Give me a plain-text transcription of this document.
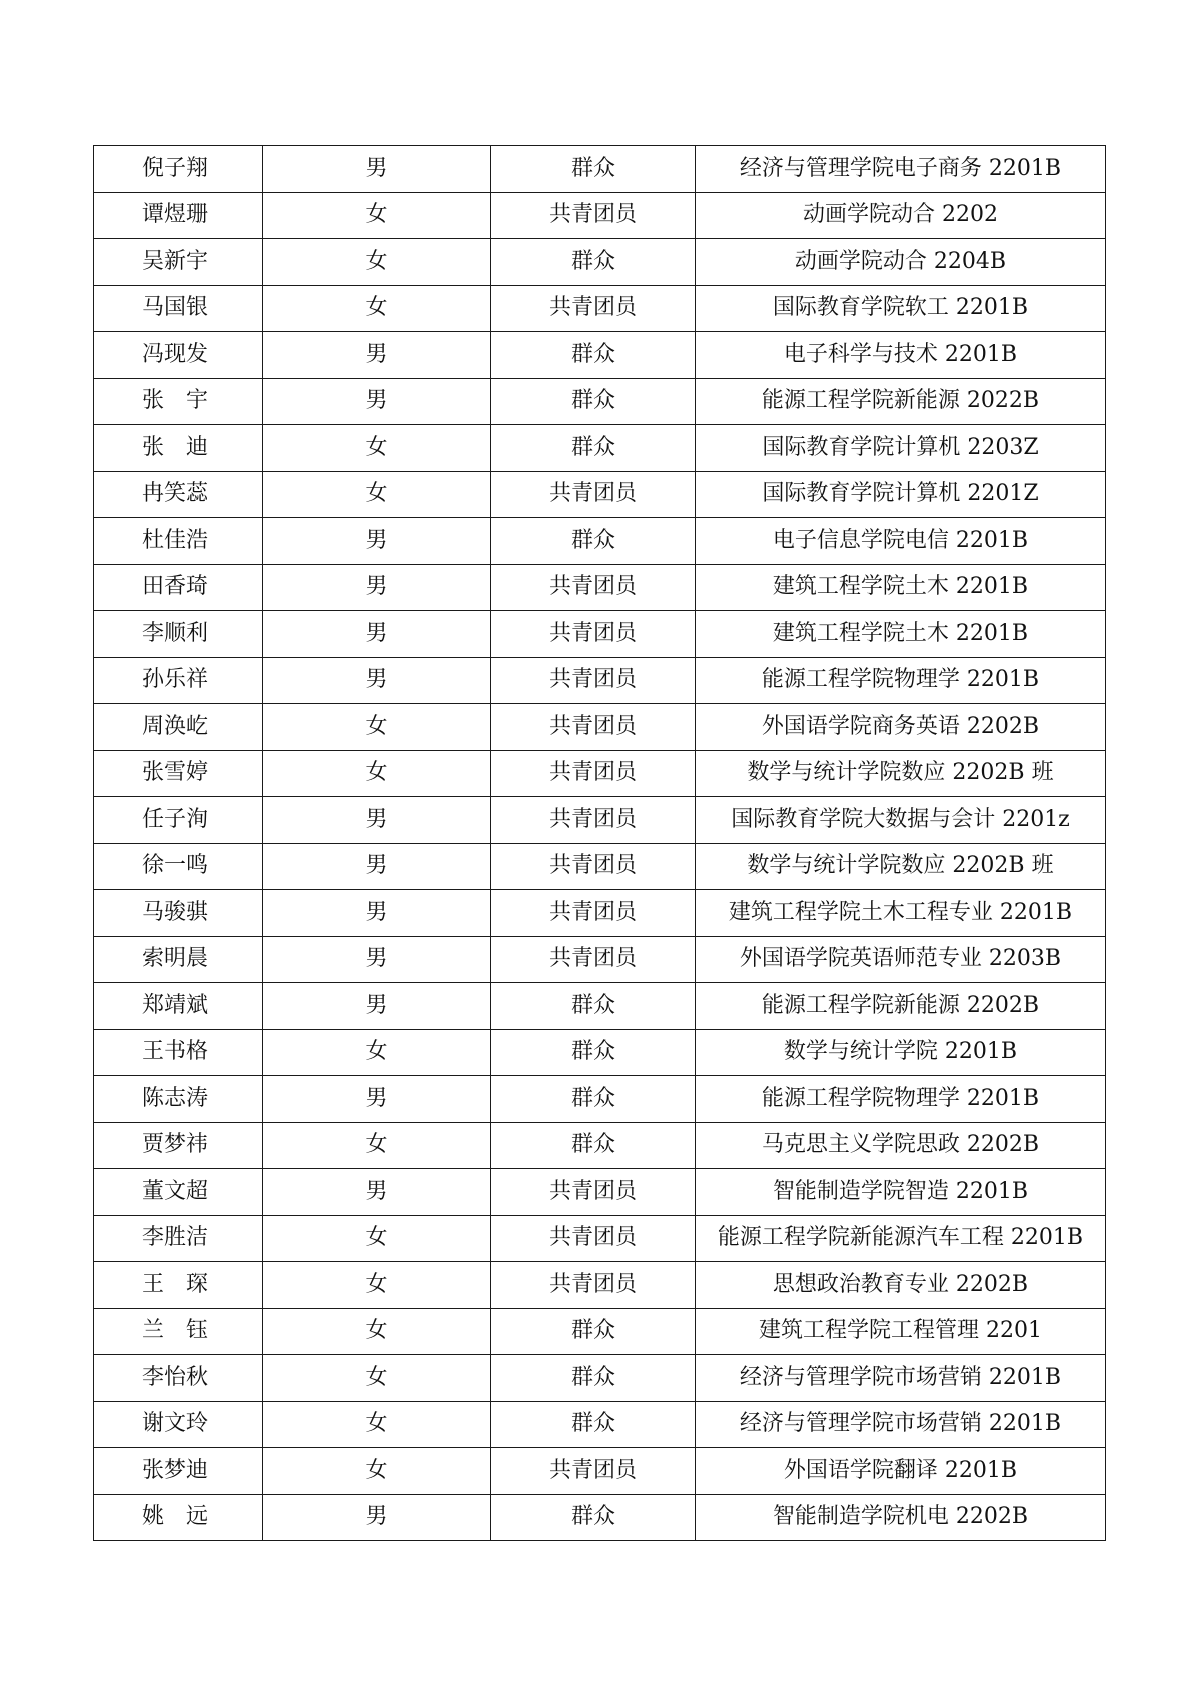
倪子翔	男	群众	经济与管理学院电子商务 2201B
谭煜珊	女	共青团员	动画学院动合 2202
吴新宇	女	群众	动画学院动合 2204B
马国银	女	共青团员	国际教育学院软工 2201B
冯现发	男	群众	电子科学与技术 2201B
张　宇	男	群众	能源工程学院新能源 2022B
张　迪	女	群众	国际教育学院计算机 2203Z
冉笑蕊	女	共青团员	国际教育学院计算机 2201Z
杜佳浩	男	群众	电子信息学院电信 2201B
田香琦	男	共青团员	建筑工程学院土木 2201B
李顺利	男	共青团员	建筑工程学院土木 2201B
孙乐祥	男	共青团员	能源工程学院物理学 2201B
周涣屹	女	共青团员	外国语学院商务英语 2202B
张雪婷	女	共青团员	数学与统计学院数应 2202B 班
任子洵	男	共青团员	国际教育学院大数据与会计 2201z
徐一鸣	男	共青团员	数学与统计学院数应 2202B 班
马骏骐	男	共青团员	建筑工程学院土木工程专业 2201B
索明晨	男	共青团员	外国语学院英语师范专业 2203B
郑靖斌	男	群众	能源工程学院新能源 2202B
王书格	女	群众	数学与统计学院 2201B
陈志涛	男	群众	能源工程学院物理学 2201B
贾梦祎	女	群众	马克思主义学院思政 2202B
董文超	男	共青团员	智能制造学院智造 2201B
李胜洁	女	共青团员	能源工程学院新能源汽车工程 2201B
王　琛	女	共青团员	思想政治教育专业 2202B
兰　钰	女	群众	建筑工程学院工程管理 2201
李怡秋	女	群众	经济与管理学院市场营销 2201B
谢文玲	女	群众	经济与管理学院市场营销 2201B
张梦迪	女	共青团员	外国语学院翻译 2201B
姚　远	男	群众	智能制造学院机电 2202B
